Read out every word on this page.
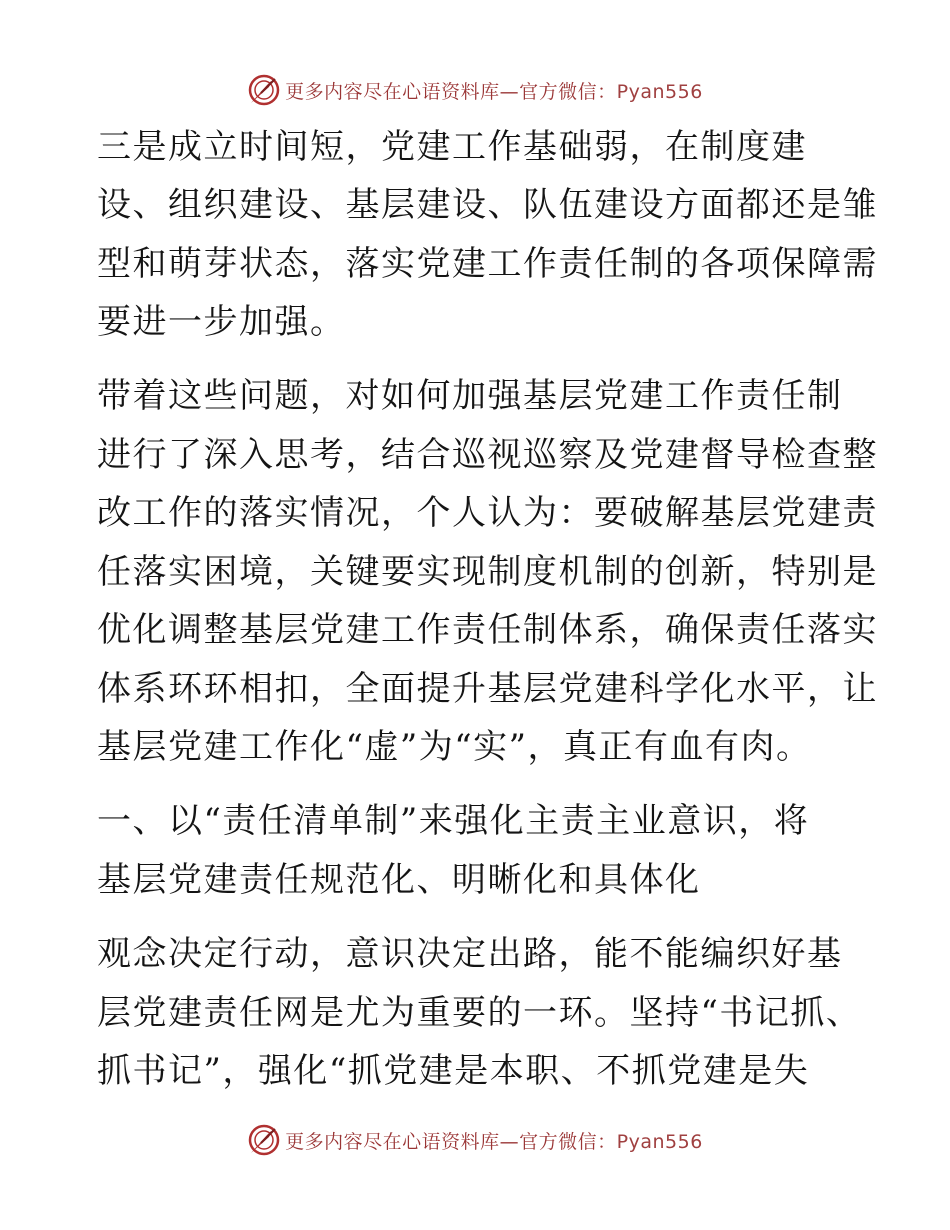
更多内容尽在心语资料库—官方微信：Pyan556
三是成立时间短，党建工作基础弱，在制度建
设、组织建设、基层建设、队伍建设方面都还是雏
型和萌芽状态，落实党建工作责任制的各项保障需
要进一步加强。
带着这些问题，对如何加强基层党建工作责任制
进行了深入思考，结合巡视巡察及党建督导检查整
改工作的落实情况，个人认为：要破解基层党建责
任落实困境，关键要实现制度机制的创新，特别是
优化调整基层党建工作责任制体系，确保责任落实
体系环环相扣，全面提升基层党建科学化水平，让
基层党建工作化“虚”为“实”，真正有血有肉。
一、以“责任清单制”来强化主责主业意识，将
基层党建责任规范化、明晰化和具体化
观念决定行动，意识决定出路，能不能编织好基
层党建责任网是尤为重要的一环。坚持“书记抓、
抓书记”，强化“抓党建是本职、不抓党建是失
更多内容尽在心语资料库—官方微信：Pyan556
